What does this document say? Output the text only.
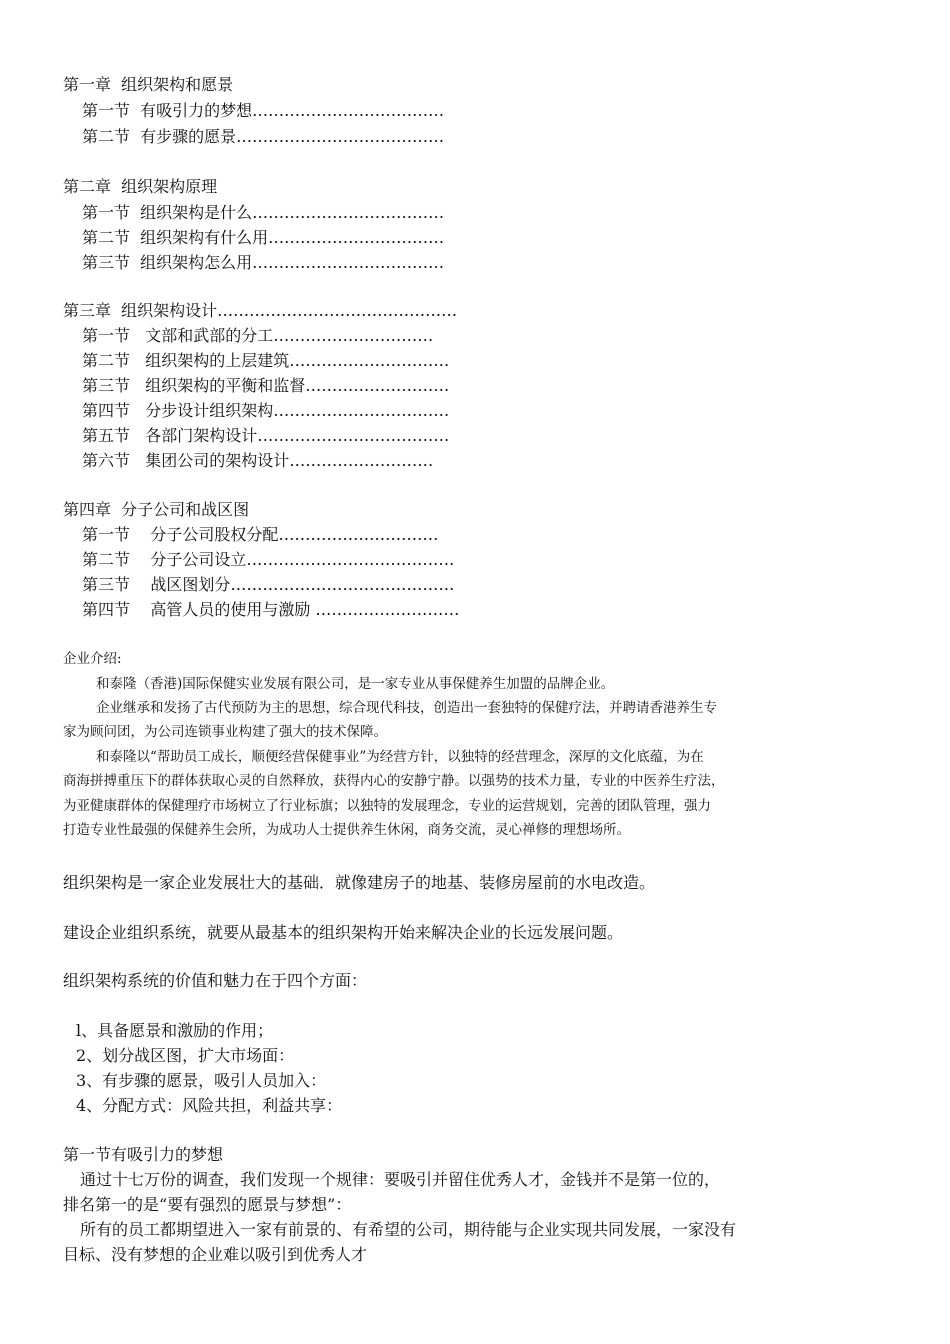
第一章  组织架构和愿景
第一节  有吸引力的梦想………………………………
第二节  有步骤的愿景…………………………………
第二章  组织架构原理
第一节  组织架构是什么………………………………
第二节  组织架构有什么用……………………………
第三节  组织架构怎么用………………………………
第三章  组织架构设计………………………………………
第一节   文部和武部的分工…………………………
第二节   组织架构的上层建筑…………………………
第三节   组织架构的平衡和监督………………………
第四节   分步设计组织架构……………………………
第五节   各部门架构设计………………………………
第六节   集团公司的架构设计………………………
第四章  分子公司和战区图
第一节    分子公司股权分配…………………………
第二节    分子公司设立…………………………………
第三节    战区图划分……………………………………
第四节    高管人员的使用与激励 ………………………
企业介绍:
和泰隆（香港)国际保健实业发展有限公司，是一家专业从事保健养生加盟的品牌企业。
企业继承和发扬了古代预防为主的思想，综合现代科技，创造出一套独特的保健疗法，并聘请香港养生专
家为顾问团，为公司连锁事业构建了强大的技术保障。
和泰隆以“帮助员工成长，顺便经营保健事业”为经营方针，以独特的经营理念，深厚的文化底蕴，为在
商海拼搏重压下的群体获取心灵的自然释放，获得内心的安静宁静。以强势的技术力量，专业的中医养生疗法，
为亚健康群体的保健理疗市场树立了行业标旗；以独特的发展理念，专业的运营规划，完善的团队管理，强力
打造专业性最强的保健养生会所，为成功人士提供养生休闲，商务交流，灵心禅修的理想场所。
组织架构是一家企业发展壮大的基础．就像建房子的地基、装修房屋前的水电改造。
建设企业组织系统，就要从最基本的组织架构开始来解决企业的长远发展问题。
组织架构系统的价值和魅力在于四个方面：
l、具备愿景和激励的作用；
2、划分战区图，扩大市场面：
3、有步骤的愿景，吸引人员加入：
4、分配方式：风险共担，利益共享：
第一节有吸引力的梦想
通过十七万份的调查，我们发现一个规律：要吸引并留住优秀人才，金钱并不是第一位的，
排名第一的是“要有强烈的愿景与梦想”：
所有的员工都期望进入一家有前景的、有希望的公司，期待能与企业实现共同发展，一家没有
目标、没有梦想的企业难以吸引到优秀人才
